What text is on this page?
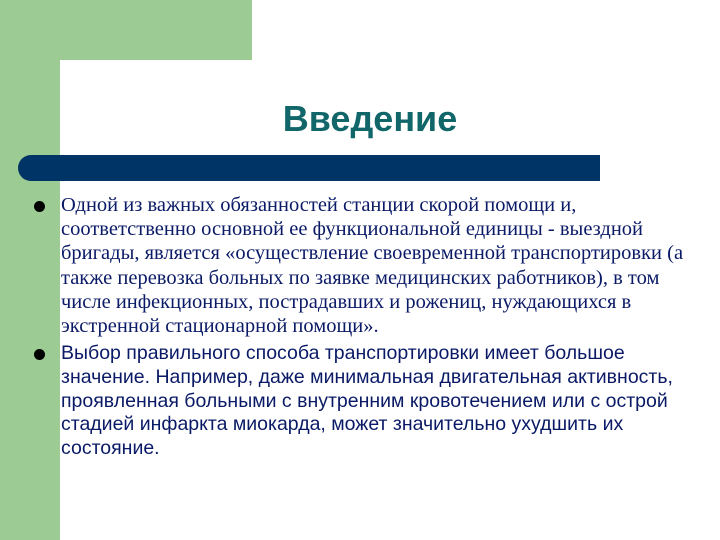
Введение
Одной из важных обязанностей станции скорой помощи и, соответственно основной ее функциональной единицы - выездной бригады, является «осуществление своевременной транспортировки (а также перевозка больных по заявке медицинских работников), в том числе инфекционных, пострадавших и рожениц, нуждающихся в экстренной стационарной помощи».
Выбор правильного способа транспортировки имеет большое значение. Например, даже минимальная двигательная активность, проявленная больными с внутренним кровотечением или с острой стадией инфаркта миокарда, может значительно ухудшить их состояние.
